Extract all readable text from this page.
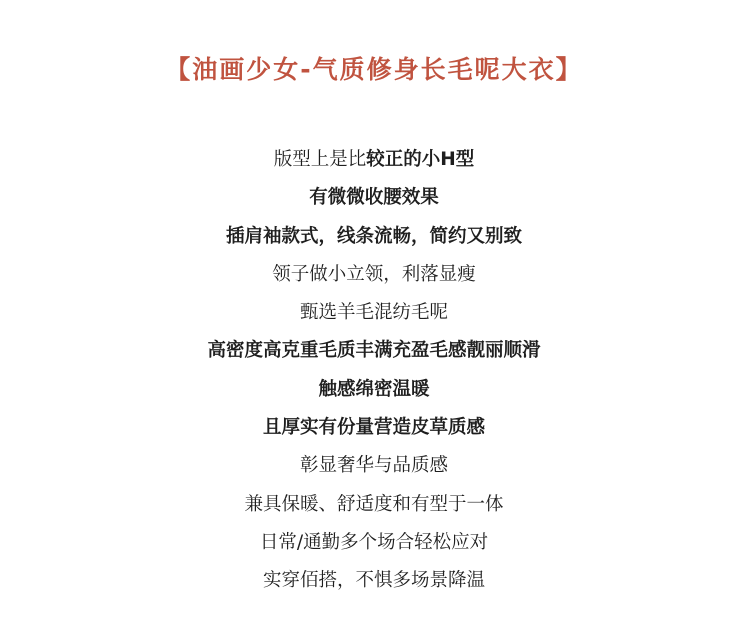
【油画少女-气质修身长毛呢大衣】
版型上是比较正的小H型
有微微收腰效果
插肩袖款式，线条流畅，简约又别致
领子做小立领，利落显瘦
甄选羊毛混纺毛呢
高密度高克重毛质丰满充盈毛感靓丽顺滑
触感绵密温暖
且厚实有份量营造皮草质感
彰显奢华与品质感
兼具保暖、舒适度和有型于一体
日常/通勤多个场合轻松应对
实穿佰搭，不惧多场景降温
